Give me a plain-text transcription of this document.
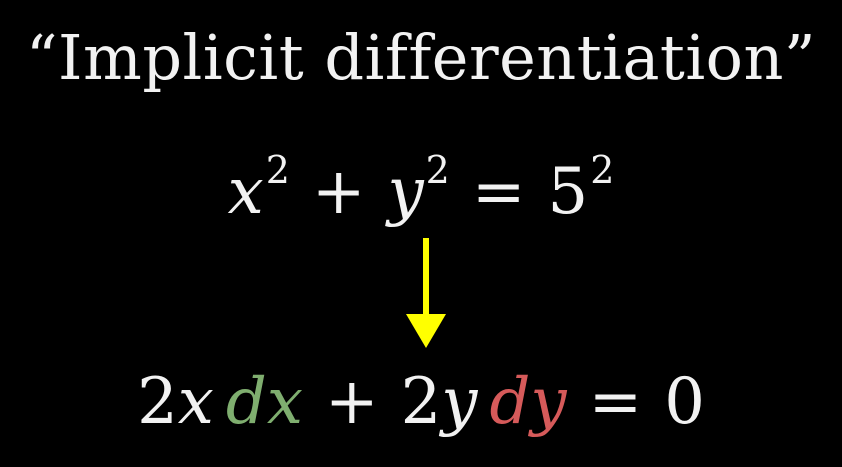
“Implicit differentiation”
$x^2 + y^2 = 5^2$
2x dx + 2y dy = 0
